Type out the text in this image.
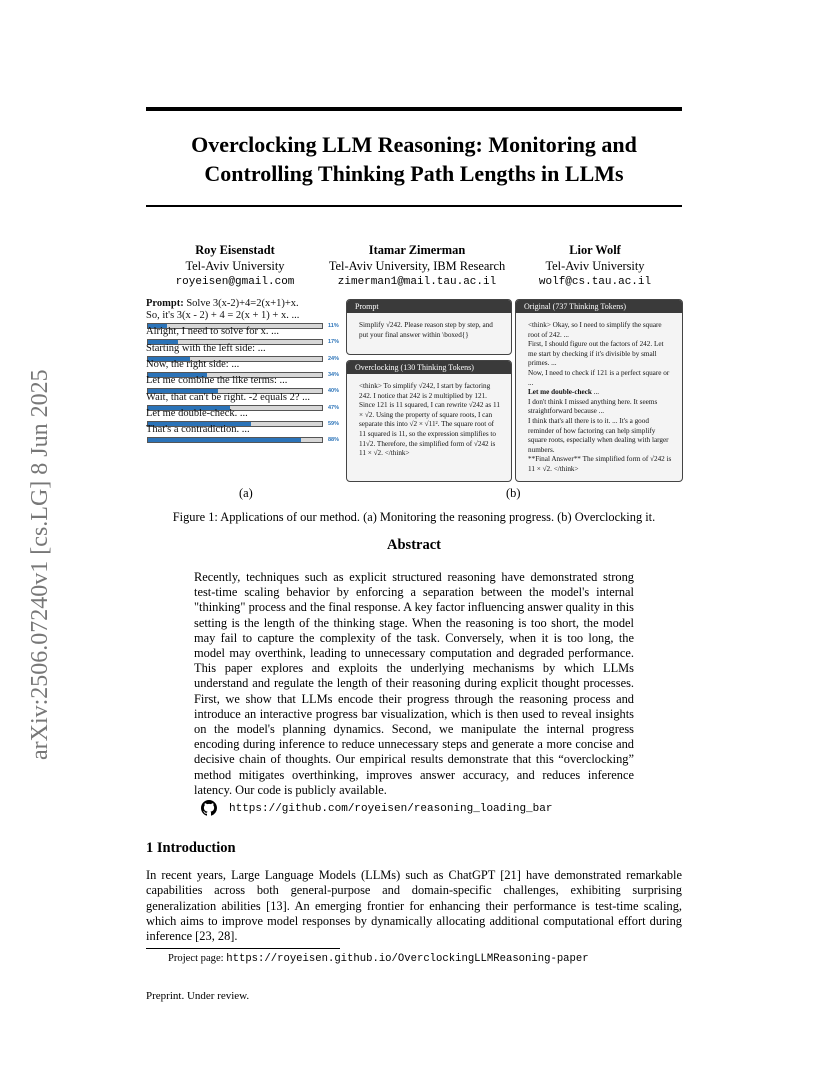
arXiv:2506.07240v1 [cs.LG] 8 Jun 2025
Overclocking LLM Reasoning: Monitoring and
Controlling Thinking Path Lengths in LLMs
Roy Eisenstadt
Tel-Aviv University
royeisen@gmail.com
Itamar Zimerman
Tel-Aviv University, IBM Research
zimerman1@mail.tau.ac.il
Lior Wolf
Tel-Aviv University
wolf@cs.tau.ac.il
Prompt: Solve 3(x-2)+4=2(x+1)+x.
So, it's 3(x - 2) + 4 = 2(x + 1) + x. ...
11%
Alright, I need to solve for x. ...
17%
Starting with the left side: ...
24%
Now, the right side: ...
34%
Let me combine the like terms: ...
40%
Wait, that can't be right. -2 equals 2? ...
47%
Let me double-check. ...
59%
That's a contradiction. ...
88%
(a)
Prompt
Simplify √242. Please reason step by step, and put your final answer within \boxed{}
Overclocking (130 Thinking Tokens)
<think> To simplify √242, I start by factoring 242. I notice that 242 is 2 multiplied by 121. Since 121 is 11 squared, I can rewrite √242 as 11 × √2. Using the property of square roots, I can separate this into √2 × √11². The square root of 11 squared is 11, so the expression simplifies to 11√2. Therefore, the simplified form of √242 is 11 × √2. </think>
Original (737 Thinking Tokens)
<think> Okay, so I need to simplify the square root of 242. ...
First, I should figure out the factors of 242. Let me start by checking if it's divisible by small primes. ...
Now, I need to check if 121 is a perfect square or ...
Let me double-check ...
I don't think I missed anything here. It seems straightforward because ...
I think that's all there is to it. ... It's a good reminder of how factoring can help simplify square roots, especially when dealing with larger numbers.
**Final Answer** The simplified form of √242 is 11 × √2. </think>
(b)
Figure 1: Applications of our method. (a) Monitoring the reasoning progress. (b) Overclocking it.
Abstract
Recently, techniques such as explicit structured reasoning have demonstrated strong test-time scaling behavior by enforcing a separation between the model's internal "thinking" process and the final response. A key factor influencing answer quality in this setting is the length of the thinking stage. When the reasoning is too short, the model may fail to capture the complexity of the task. Conversely, when it is too long, the model may overthink, leading to unnecessary computation and degraded performance. This paper explores and exploits the underlying mechanisms by which LLMs understand and regulate the length of their reasoning during explicit thought processes. First, we show that LLMs encode their progress through the reasoning process and introduce an interactive progress bar visualization, which is then used to reveal insights on the model's planning dynamics. Second, we manipulate the internal progress encoding during inference to reduce unnecessary steps and generate a more concise and decisive chain of thoughts. Our empirical results demonstrate that this “overclocking” method mitigates overthinking, improves answer accuracy, and reduces inference latency. Our code is publicly available.
https://github.com/royeisen/reasoning_loading_bar
1 Introduction
In recent years, Large Language Models (LLMs) such as ChatGPT [21] have demonstrated remarkable capabilities across both general-purpose and domain-specific challenges, exhibiting surprising generalization abilities [13]. An emerging frontier for enhancing their performance is test-time scaling, which aims to improve model responses by dynamically allocating additional computational effort during inference [23, 28].
Project page: https://royeisen.github.io/OverclockingLLMReasoning-paper
Preprint. Under review.
